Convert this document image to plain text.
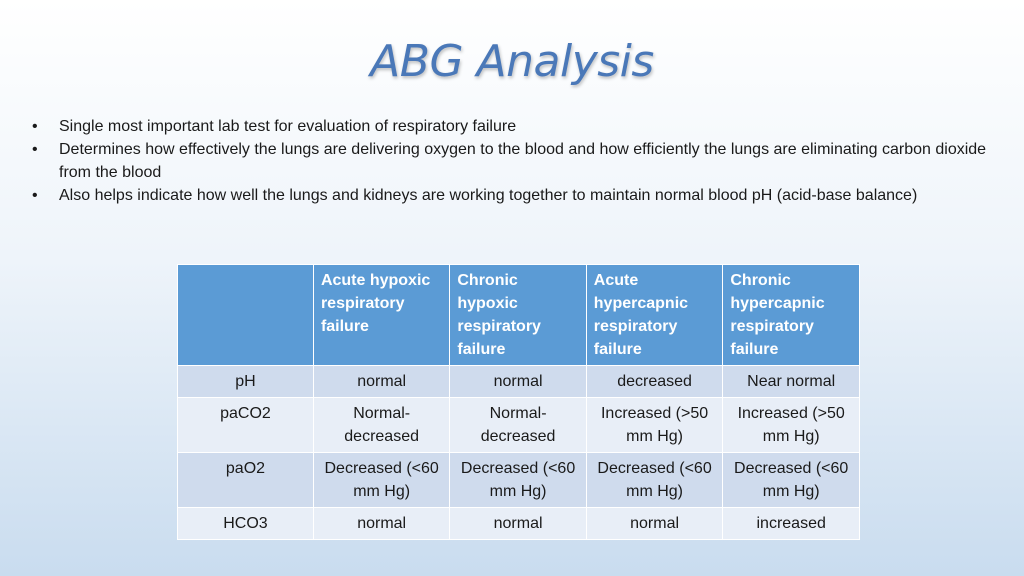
ABG Analysis
• Single most important lab test for evaluation of respiratory failure
• Determines how effectively the lungs are delivering oxygen to the blood and how efficiently the lungs are eliminating carbon dioxide from the blood
• Also helps indicate how well the lungs and kidneys are working together to maintain normal blood pH (acid-base balance)
	Acute hypoxic respiratory failure	Chronic hypoxic respiratory failure	Acute hypercapnic respiratory failure	Chronic hypercapnic respiratory failure
pH	normal	normal	decreased	Near normal
paCO2	Normal-decreased	Normal-decreased	Increased (>50 mm Hg)	Increased (>50 mm Hg)
paO2	Decreased (<60 mm Hg)	Decreased (<60 mm Hg)	Decreased (<60 mm Hg)	Decreased (<60 mm Hg)
HCO3	normal	normal	normal	increased
